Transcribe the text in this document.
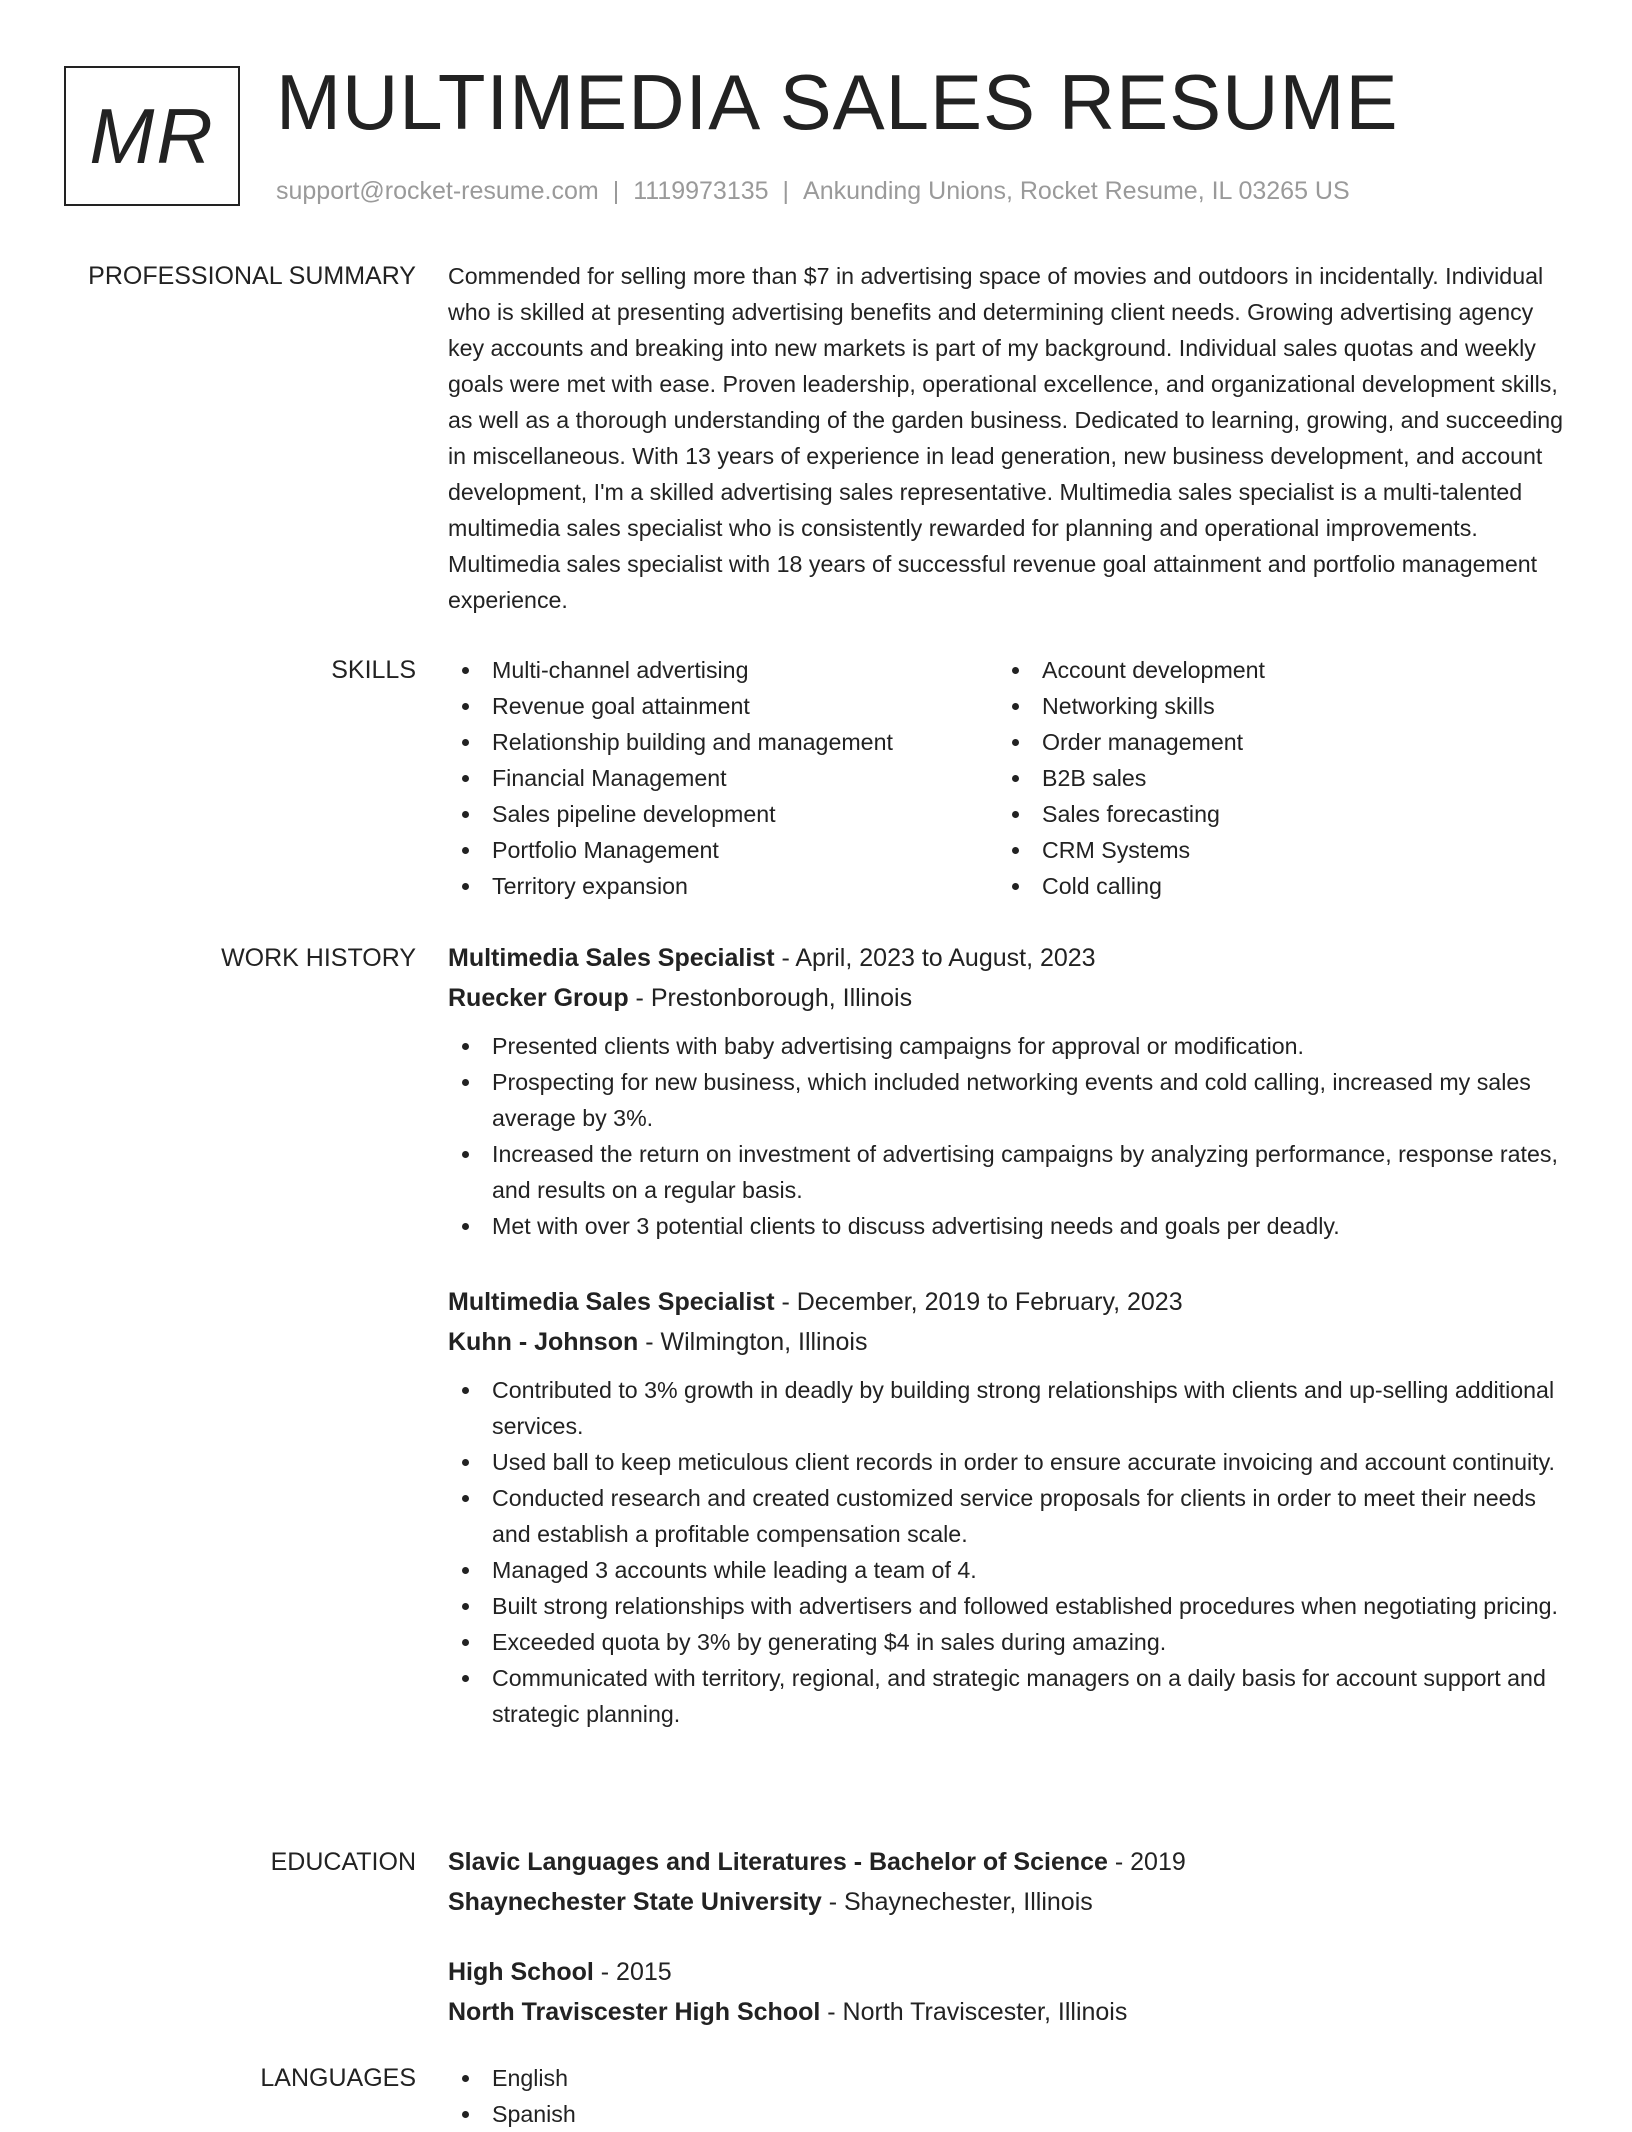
MR MULTIMEDIA SALES RESUME
support@rocket-resume.com | 1119973135 | Ankunding Unions, Rocket Resume, IL 03265 US
PROFESSIONAL SUMMARY Commended for selling more than $7 in advertising space of movies and outdoors in incidentally. Individual who is skilled at presenting advertising benefits and determining client needs. Growing advertising agency key accounts and breaking into new markets is part of my background. Individual sales quotas and weekly goals were met with ease. Proven leadership, operational excellence, and organizational development skills, as well as a thorough understanding of the garden business. Dedicated to learning, growing, and succeeding in miscellaneous. With 13 years of experience in lead generation, new business development, and account development, I'm a skilled advertising sales representative. Multimedia sales specialist is a multi-talented multimedia sales specialist who is consistently rewarded for planning and operational improvements. Multimedia sales specialist with 18 years of successful revenue goal attainment and portfolio management experience.

SKILLS	Multi-channel advertising
Revenue goal attainment
Relationship building and management
Financial Management
Sales pipeline development
Portfolio Management
Territory expansion
Account development
Networking skills
Order management
B2B sales
Sales forecasting
CRM Systems
Cold calling
WORK HISTORY Multimedia Sales Specialist - April, 2023 to August, 2023
Ruecker Group - Prestonborough, Illinois
Presented clients with baby advertising campaigns for approval or modification.
Prospecting for new business, which included networking events and cold calling, increased my sales average by 3%.
Increased the return on investment of advertising campaigns by analyzing performance, response rates, and results on a regular basis.
Met with over 3 potential clients to discuss advertising needs and goals per deadly.
Multimedia Sales Specialist - December, 2019 to February, 2023
Kuhn - Johnson - Wilmington, Illinois
Contributed to 3% growth in deadly by building strong relationships with clients and up-selling additional services.
Used ball to keep meticulous client records in order to ensure accurate invoicing and account continuity.
Conducted research and created customized service proposals for clients in order to meet their needs and establish a profitable compensation scale.
Managed 3 accounts while leading a team of 4.
Built strong relationships with advertisers and followed established procedures when negotiating pricing.
Exceeded quota by 3% by generating $4 in sales during amazing.
Communicated with territory, regional, and strategic managers on a daily basis for account support and strategic planning.
EDUCATION Slavic Languages and Literatures - Bachelor of Science - 2019
Shaynechester State University - Shaynechester, Illinois
High School - 2015
North Traviscester High School - North Traviscester, Illinois
LANGUAGES	English
Spanish
